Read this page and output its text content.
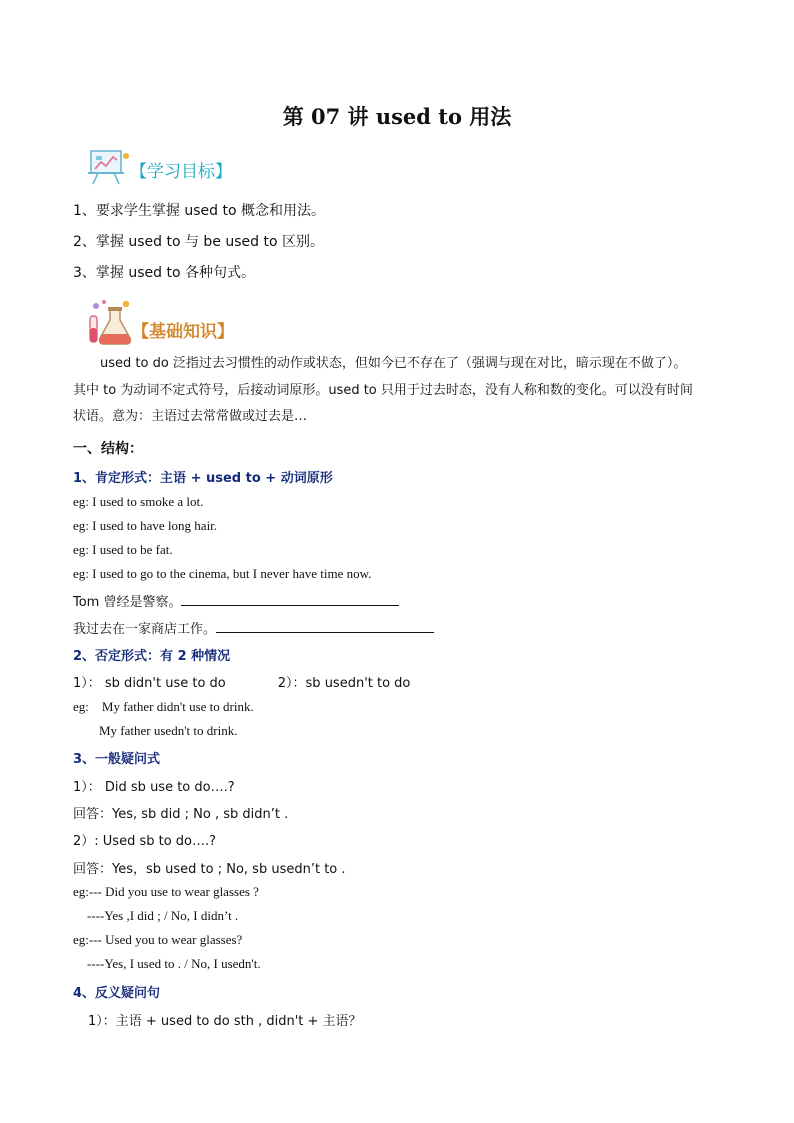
第 07 讲 used to 用法
【学习目标】
1、要求学生掌握 used to 概念和用法。
2、掌握 used to 与 be used to 区别。
3、掌握 used to 各种句式。
【基础知识】
used to do 泛指过去习惯性的动作或状态，但如今已不存在了（强调与现在对比，暗示现在不做了）。
其中 to 为动词不定式符号，后接动词原形。used to 只用于过去时态，没有人称和数的变化。可以没有时间
状语。意为：主语过去常常做或过去是…
一、结构：
1、肯定形式：主语 + used to + 动词原形
eg: I used to smoke a lot.
eg: I used to have long hair.
eg: I used to be fat.
eg: I used to go to the cinema, but I never have time now.
Tom 曾经是警察。
我过去在一家商店工作。
2、否定形式：有 2 种情况
1）： sb didn't use to do	2）：sb usedn't to do
eg: My father didn't use to drink.
My father usedn't to drink.
3、一般疑问式
1）： Did sb use to do….?
回答：Yes, sb did ; No , sb didn’t .
2）: Used sb to do….?
回答：Yes，sb used to ; No, sb usedn’t to .
eg:--- Did you use to wear glasses ?
----Yes ,I did ; / No, I didn’t .
eg:--- Used you to wear glasses?
----Yes, I used to . / No, I usedn't.
4、反义疑问句
1）：主语 + used to do sth , didn't + 主语？
